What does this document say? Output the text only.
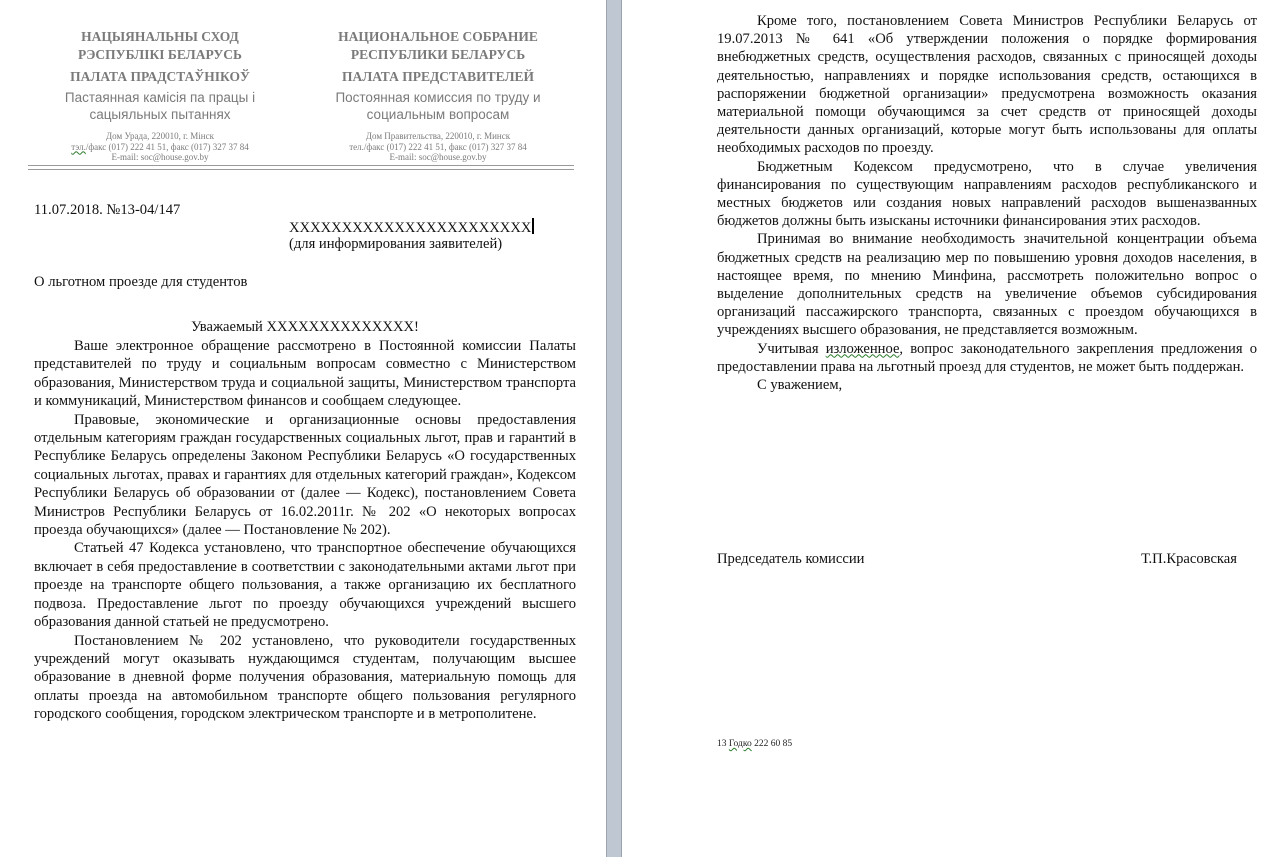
НАЦЫЯНАЛЬНЫ СХОД
РЭСПУБЛІКІ БЕЛАРУСЬ
ПАЛАТА ПРАДСТАЎНІКОЎ
Пастаянная камісія па працы і
сацыяльных пытаннях
Дом Урада, 220010, г. Мінск
тэл./факс (017) 222 41 51, факс (017) 327 37 84
E-mail: soc@house.gov.by
НАЦИОНАЛЬНОЕ СОБРАНИЕ
РЕСПУБЛИКИ БЕЛАРУСЬ
ПАЛАТА ПРЕДСТАВИТЕЛЕЙ
Постоянная комиссия по труду и
социальным вопросам
Дом Правительства, 220010, г. Минск
тел./факс (017) 222 41 51, факс (017) 327 37 84
E-mail: soc@house.gov.by
11.07.2018. №13-04/147
XXXXXXXXXXXXXXXXXXXXXXX
(для информирования заявителей)
О льготном проезде для студентов
Уважаемый XXXXXXXXXXXXXX!

Ваше электронное обращение рассмотрено в Постоянной комиссии Палаты представителей по труду и социальным вопросам совместно с Министерством образования, Министерством труда и социальной защиты, Министерством транспорта и коммуникаций, Министерством финансов и сообщаем следующее.

Правовые, экономические и организационные основы предоставления отдельным категориям граждан государственных социальных льгот, прав и гарантий в Республике Беларусь определены Законом Республики Беларусь «О государственных социальных льготах, правах и гарантиях для отдельных категорий граждан», Кодексом Республики Беларусь об образовании от (далее — Кодекс), постановлением Совета Министров Республики Беларусь от 16.02.2011г. № 202 «О некоторых вопросах проезда обучающихся» (далее — Постановление № 202).

Статьей 47 Кодекса установлено, что транспортное обеспечение обучающихся включает в себя предоставление в соответствии с законодательными актами льгот при проезде на транспорте общего пользования, а также организацию их бесплатного подвоза. Предоставление льгот по проезду обучающихся учреждений высшего образования данной статьей не предусмотрено.

Постановлением № 202 установлено, что руководители государственных учреждений могут оказывать нуждающимся студентам, получающим высшее образование в дневной форме получения образования, материальную помощь для оплаты проезда на автомобильном транспорте общего пользования регулярного городского сообщения, городском электрическом транспорте и в метрополитене.

Кроме того, постановлением Совета Министров Республики Беларусь от 19.07.2013 № 641 «Об утверждении положения о порядке формирования внебюджетных средств, осуществления расходов, связанных с приносящей доходы деятельностью, направлениях и порядке использования средств, остающихся в распоряжении бюджетной организации» предусмотрена возможность оказания материальной помощи обучающимся за счет средств от приносящей доходы деятельности данных организаций, которые могут быть использованы для оплаты необходимых расходов по проезду.

Бюджетным Кодексом предусмотрено, что в случае увеличения финансирования по существующим направлениям расходов республиканского и местных бюджетов или создания новых направлений расходов вышеназванных бюджетов должны быть изысканы источники финансирования этих расходов.

Принимая во внимание необходимость значительной концентрации объема бюджетных средств на реализацию мер по повышению уровня доходов населения, в настоящее время, по мнению Минфина, рассмотреть положительно вопрос о выделение дополнительных средств на увеличение объемов субсидирования организаций пассажирского транспорта, связанных с проездом обучающихся в учреждениях высшего образования, не представляется возможным.

Учитывая изложенное, вопрос законодательного закрепления предложения о предоставлении права на льготный проезд для студентов, не может быть поддержан.

С уважением,
Председатель комиссии	Т.П.Красовская
13 Годко 222 60 85
